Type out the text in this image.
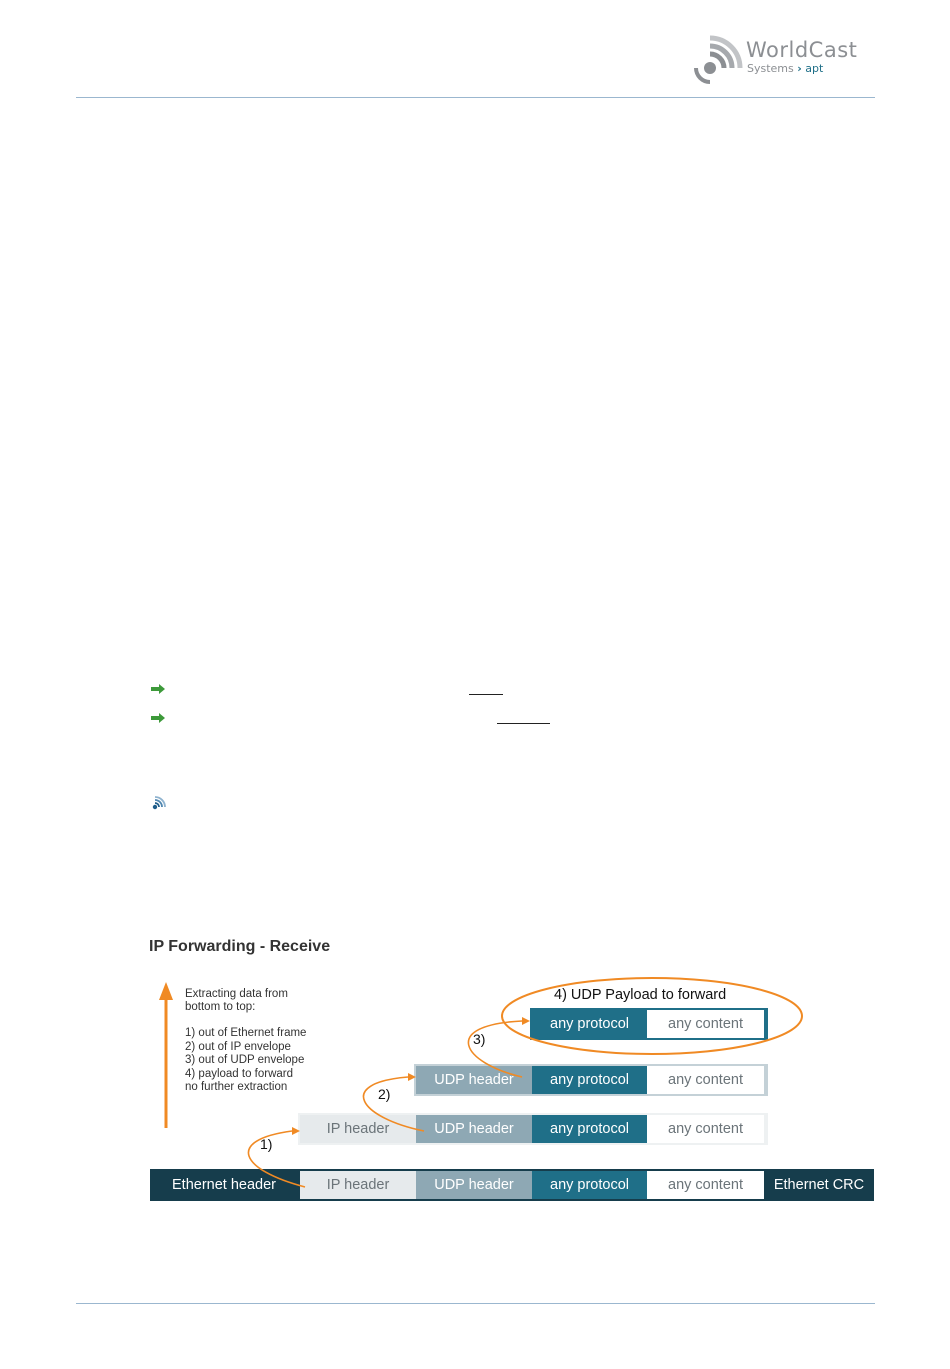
WorldCast
Systems › apt
IP Forwarding - Receive
Extracting data from
bottom to top:
1) out of Ethernet frame
2) out of IP envelope
3) out of UDP envelope
4) payload to forward
no further extraction
any protocol	any content
UDP header	any protocol	any content
IP header	UDP header	any protocol	any content
Ethernet header	IP header	UDP header	any protocol	any content	Ethernet CRC
4) UDP Payload to forward
1)
2)
3)
